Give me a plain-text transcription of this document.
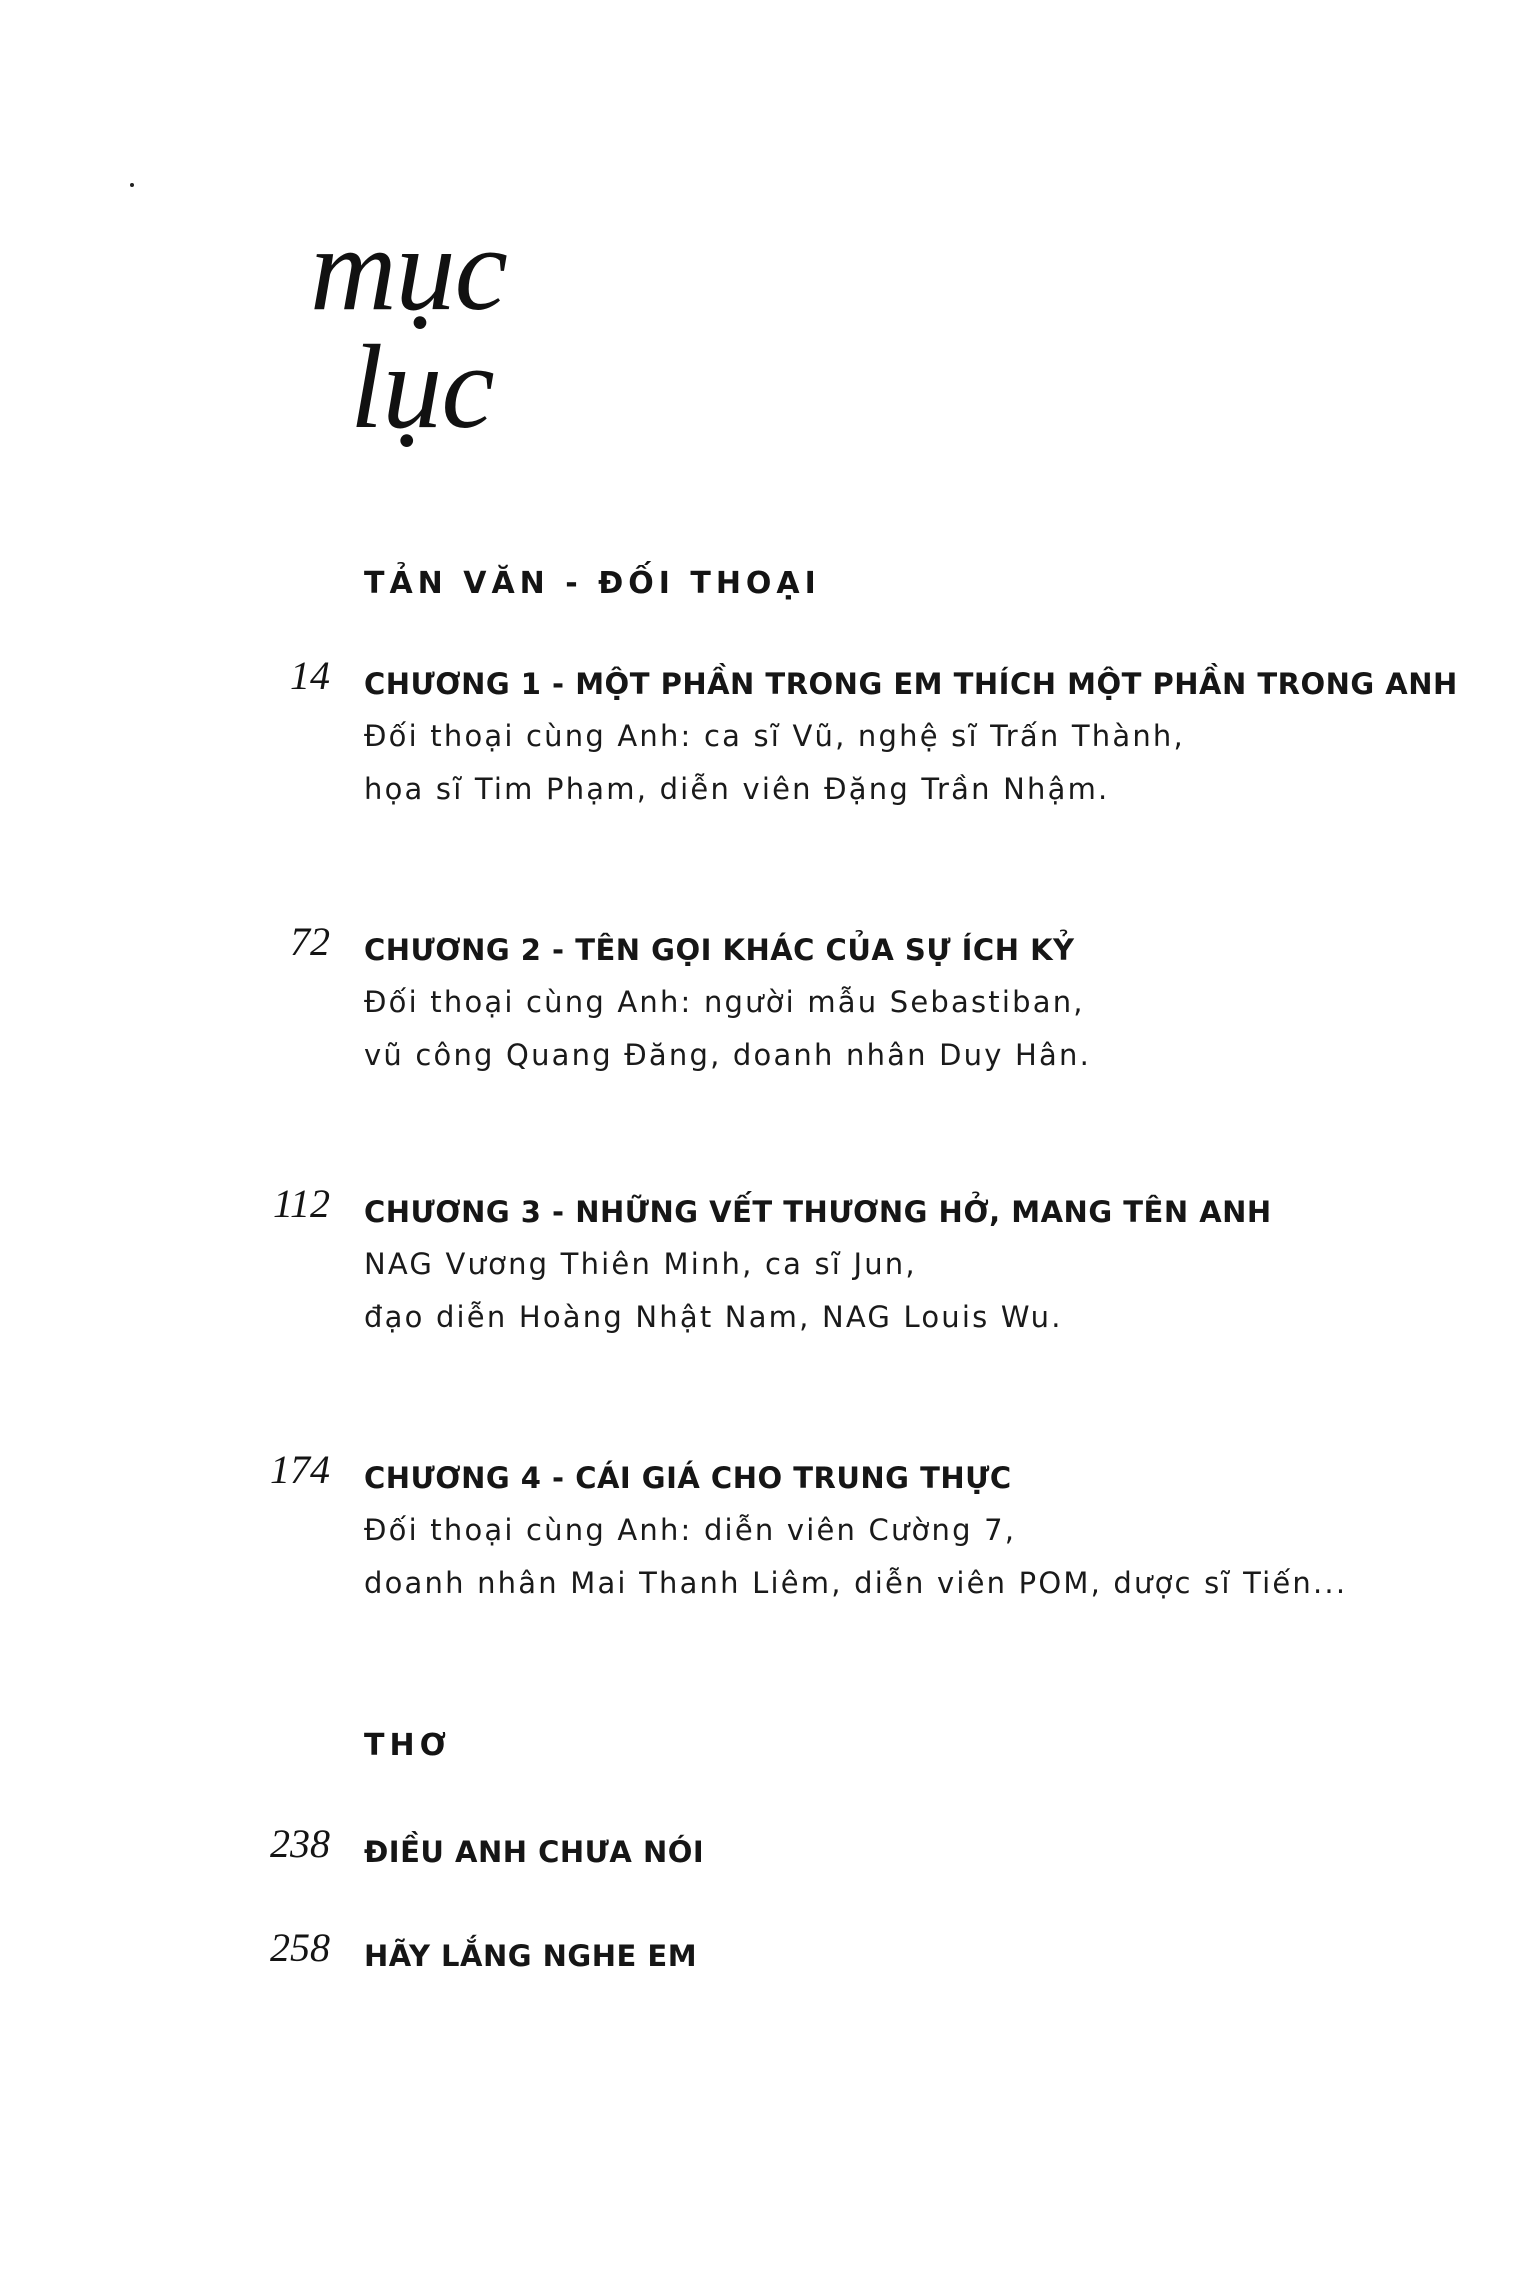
mục
lục
TẢN VĂN - ĐỐI THOẠI
14 CHƯƠNG 1 - MỘT PHẦN TRONG EM THÍCH MỘT PHẦN TRONG ANH
Đối thoại cùng Anh: ca sĩ Vũ, nghệ sĩ Trấn Thành,
họa sĩ Tim Phạm, diễn viên Đặng Trần Nhậm.
72 CHƯƠNG 2 - TÊN GỌI KHÁC CỦA SỰ ÍCH KỶ
Đối thoại cùng Anh: người mẫu Sebastiban,
vũ công Quang Đăng, doanh nhân Duy Hân.
112 CHƯƠNG 3 - NHỮNG VẾT THƯƠNG HỞ, MANG TÊN ANH
NAG Vương Thiên Minh, ca sĩ Jun,
đạo diễn Hoàng Nhật Nam, NAG Louis Wu.
174 CHƯƠNG 4 - CÁI GIÁ CHO TRUNG THỰC
Đối thoại cùng Anh: diễn viên Cường 7,
doanh nhân Mai Thanh Liêm, diễn viên POM, dược sĩ Tiến...
THƠ
238 ĐIỀU ANH CHƯA NÓI
258 HÃY LẮNG NGHE EM
